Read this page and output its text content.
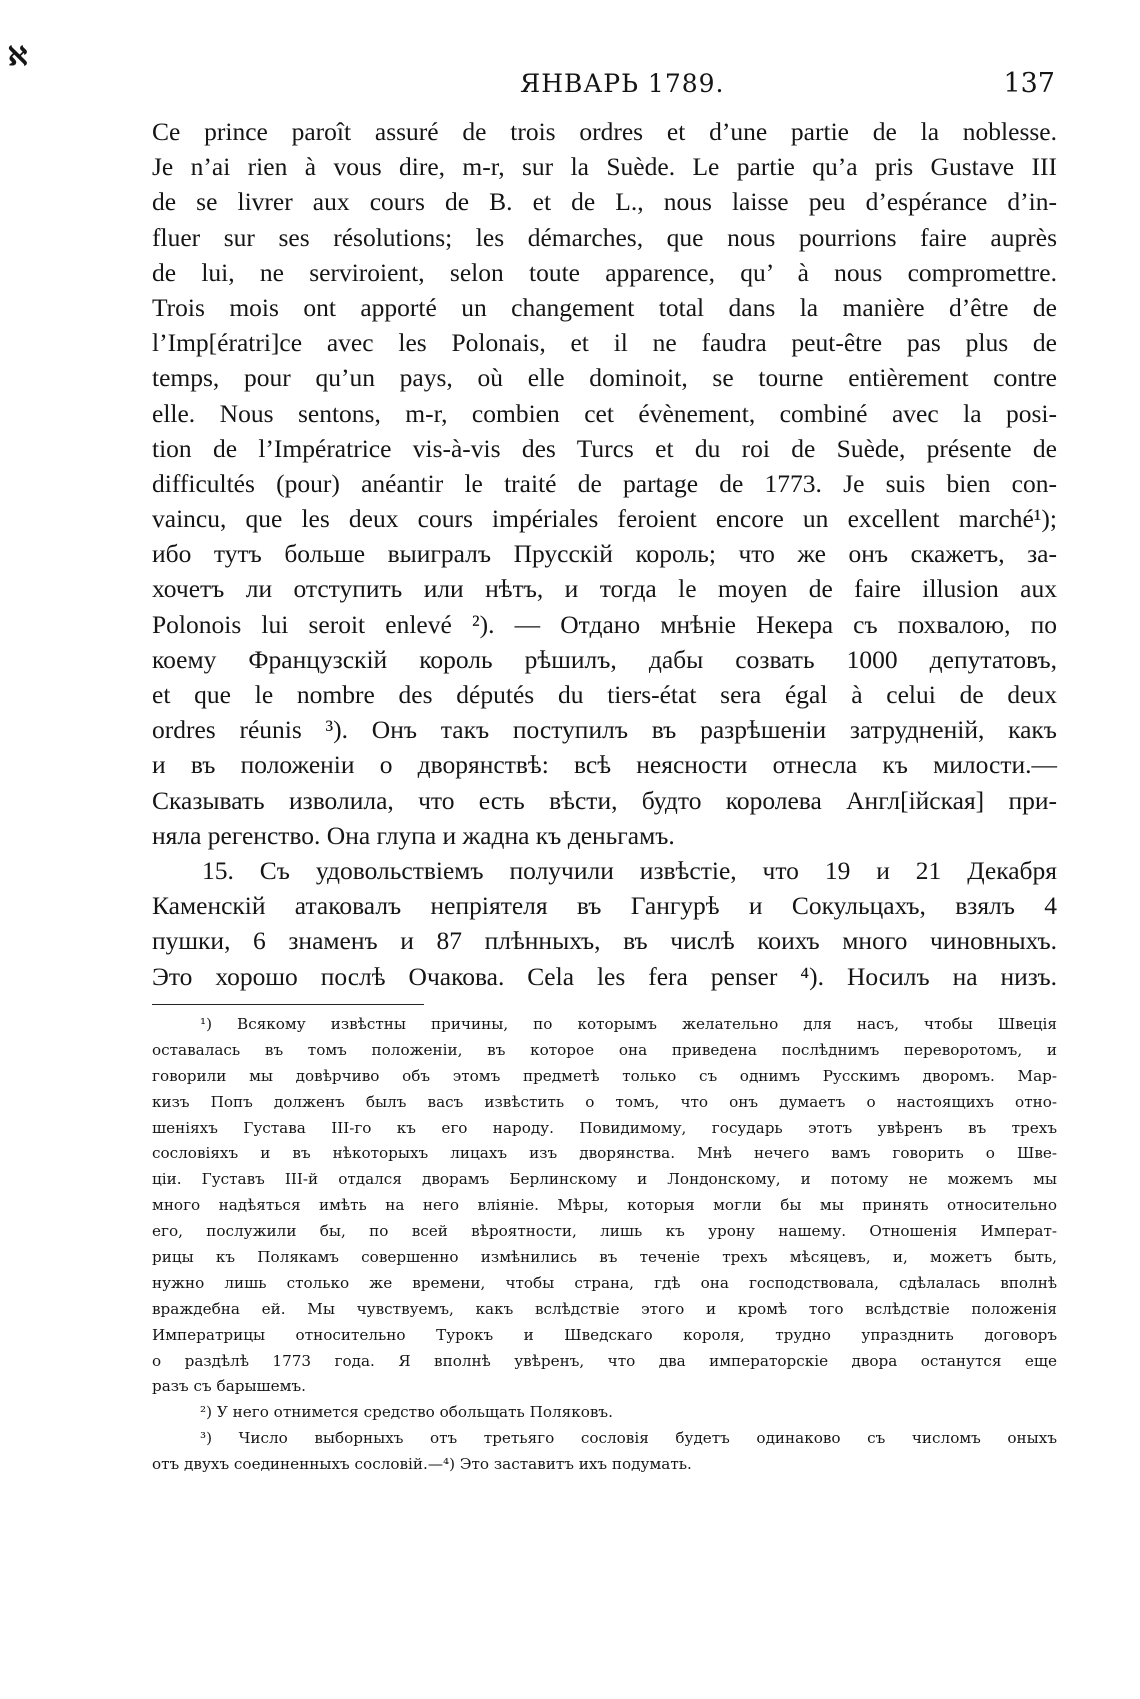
ℵ
ЯНВАРЬ 1789.	137
Ce prince paroît assuré de trois ordres et d’une partie de la noblesse.
Je n’ai rien à vous dire, m-r, sur la Suède. Le partie qu’a pris Gustave III
de se livrer aux cours de B. et de L., nous laisse peu d’espérance d’in-
fluer sur ses résolutions; les démarches, que nous pourrions faire auprès
de lui, ne serviroient, selon toute apparence, qu’ à nous compromettre.
Trois mois ont apporté un changement total dans la manière d’être de
l’Imp[ératri]ce avec les Polonais, et il ne faudra peut-être pas plus de
temps, pour qu’un pays, où elle dominoit, se tourne entièrement contre
elle. Nous sentons, m-r, combien cet évènement, combiné avec la posi-
tion de l’Impératrice vis-à-vis des Turcs et du roi de Suède, présente de
difficultés (pour) anéantir le traité de partage de 1773. Je suis bien con-
vaincu, que les deux cours impériales feroient encore un excellent marché¹);
ибо тутъ больше выигралъ Прусскій король; что же онъ скажетъ, за-
хочетъ ли отступить или нѣтъ, и тогда le moyen de faire illusion aux
Polonois lui seroit enlevé ²). — Отдано мнѣніе Некера съ похвалою, по
коему Французскій король рѣшилъ, дабы созвать 1000 депутатовъ,
et que le nombre des députés du tiers-état sera égal à celui de deux
ordres réunis ³). Онъ такъ поступилъ въ разрѣшеніи затрудненій, какъ
и въ положеніи о дворянствѣ: всѣ неясности отнесла къ милости.—
Сказывать изволила, что есть вѣсти, будто королева Англ[ійская] при-
няла регенство. Она глупа и жадна къ деньгамъ.
15. Съ удовольствіемъ получили извѣстіе, что 19 и 21 Декабря
Каменскій атаковалъ непріятеля въ Гангурѣ и Сокульцахъ, взялъ 4
пушки, 6 знаменъ и 87 плѣнныхъ, въ числѣ коихъ много чиновныхъ.
Это хорошо послѣ Очакова. Cela les fera penser ⁴). Носилъ на низъ.
¹) Всякому извѣстны причины, по которымъ желательно для насъ, чтобы Швеція
оставалась въ томъ положеніи, въ которое она приведена послѣднимъ переворотомъ, и
говорили мы довѣрчиво объ этомъ предметѣ только съ однимъ Русскимъ дворомъ. Мар-
кизъ Попъ долженъ былъ васъ извѣстить о томъ, что онъ думаетъ о настоящихъ отно-
шеніяхъ Густава III-го къ его народу. Повидимому, государь этотъ увѣренъ въ трехъ
сословіяхъ и въ нѣкоторыхъ лицахъ изъ дворянства. Мнѣ нечего вамъ говорить о Шве-
ціи. Густавъ III-й отдался дворамъ Берлинскому и Лондонскому, и потому не можемъ мы
много надѣяться имѣть на него вліяніе. Мѣры, которыя могли бы мы принять относительно
его, послужили бы, по всей вѣроятности, лишь къ урону нашему. Отношенія Императ-
рицы къ Полякамъ совершенно измѣнились въ теченіе трехъ мѣсяцевъ, и, можетъ быть,
нужно лишь столько же времени, чтобы страна, гдѣ она господствовала, сдѣлалась вполнѣ
враждебна ей. Мы чувствуемъ, какъ вслѣдствіе этого и кромѣ того вслѣдствіе положенія
Императрицы относительно Турокъ и Шведскаго короля, трудно упразднить договоръ
о раздѣлѣ 1773 года. Я вполнѣ увѣренъ, что два императорскіе двора останутся еще
разъ съ барышемъ.
²) У него отнимется средство обольщать Поляковъ.
³) Число выборныхъ отъ третьяго сословія будетъ одинаково съ числомъ оныхъ
отъ двухъ соединенныхъ сословій.—⁴) Это заставитъ ихъ подумать.
